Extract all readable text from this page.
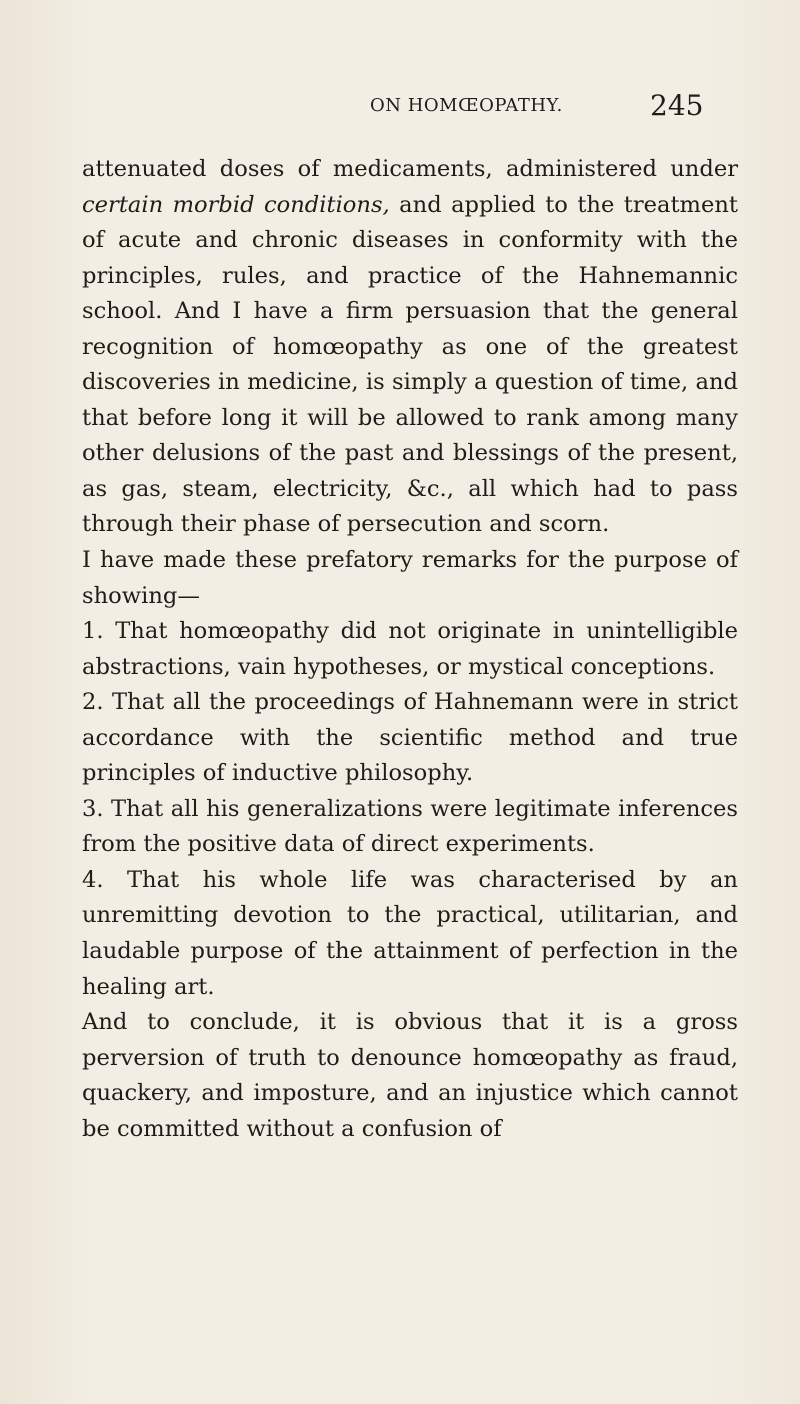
ON HOMŒOPATHY.	245

attenuated doses of medicaments, administered under certain morbid conditions, and applied to the treatment of acute and chronic diseases in conformity with the principles, rules, and practice of the Hahnemannic school. And I have a firm persuasion that the general recognition of homœopathy as one of the greatest discoveries in medicine, is simply a question of time, and that before long it will be allowed to rank among many other delusions of the past and blessings of the present, as gas, steam, electricity, &c., all which had to pass through their phase of persecution and scorn.

I have made these prefatory remarks for the purpose of showing—

1. That homœopathy did not originate in unintelligible abstractions, vain hypotheses, or mystical conceptions.

2. That all the proceedings of Hahnemann were in strict accordance with the scientific method and true principles of inductive philosophy.

3. That all his generalizations were legitimate inferences from the positive data of direct experiments.

4. That his whole life was characterised by an unremitting devotion to the practical, utilitarian, and laudable purpose of the attainment of perfection in the healing art.

And to conclude, it is obvious that it is a gross perversion of truth to denounce homœopathy as fraud, quackery, and imposture, and an injustice which cannot be committed without a confusion of
